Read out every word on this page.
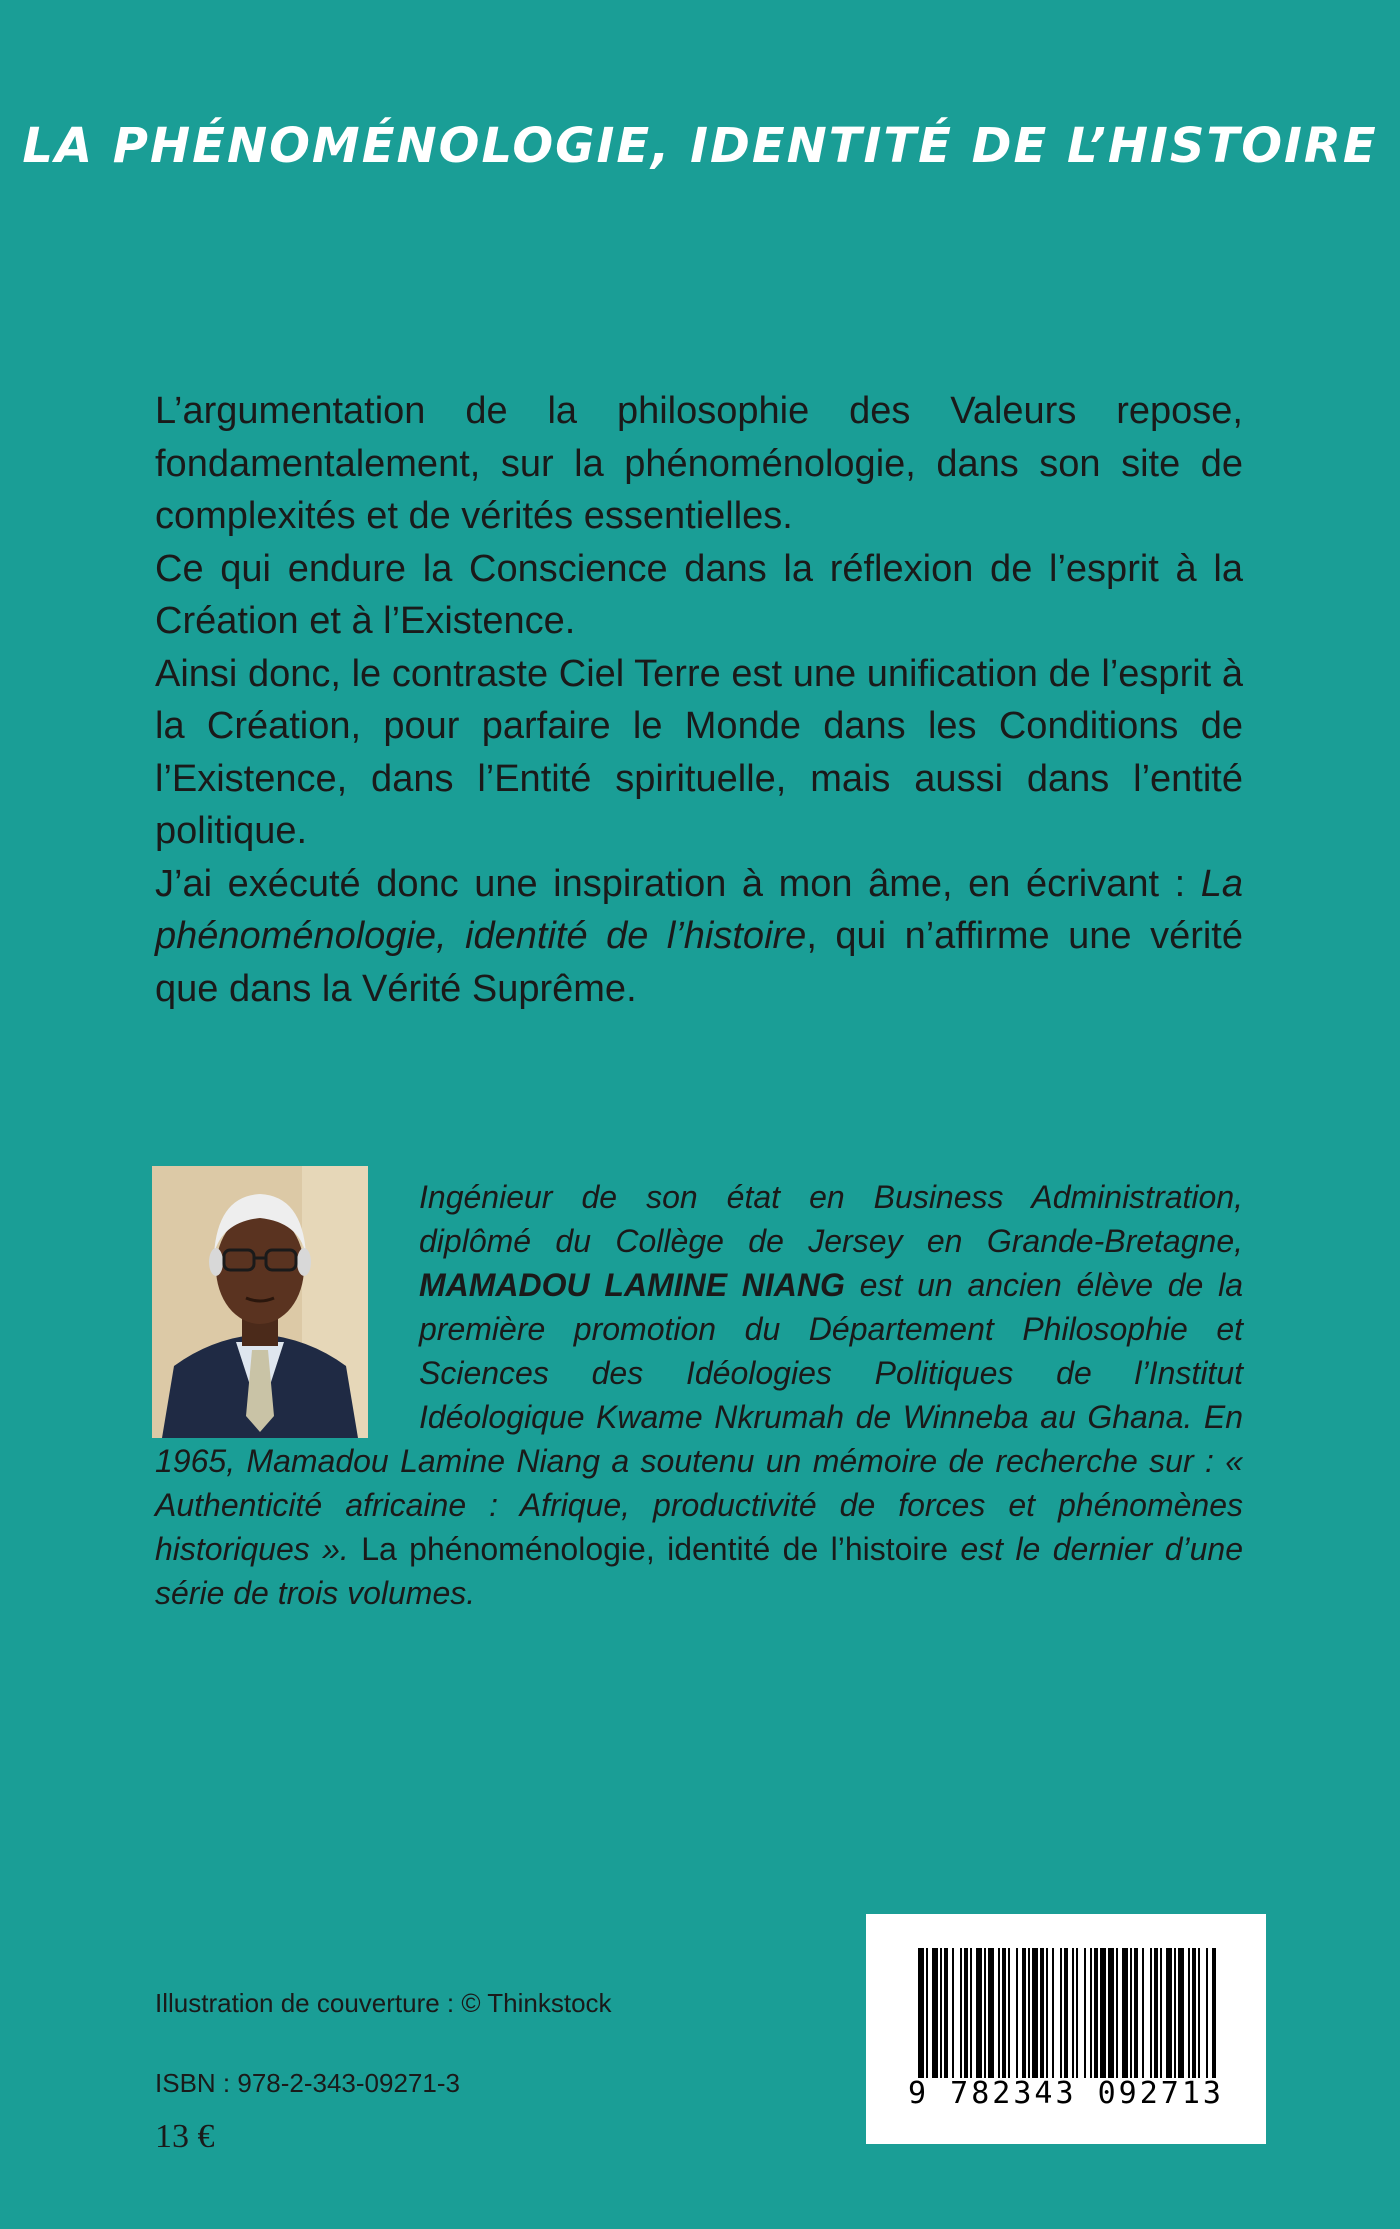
LA PHÉNOMÉNOLOGIE, IDENTITÉ DE L’HISTOIRE

L’argumentation de la philosophie des Valeurs repose, fondamentalement, sur la phénoménologie, dans son site de complexités et de vérités essentielles.

Ce qui endure la Conscience dans la réflexion de l’esprit à la Création et à l’Existence.

Ainsi donc, le contraste Ciel Terre est une unification de l’esprit à la Création, pour parfaire le Monde dans les Conditions de l’Existence, dans l’Entité spirituelle, mais aussi dans l’entité politique.

J’ai exécuté donc une inspiration à mon âme, en écrivant : La phénoménologie, identité de l’histoire, qui n’affirme une vérité que dans la Vérité Suprême.

Ingénieur de son état en Business Administration, diplômé du Collège de Jersey en Grande-Bretagne, MAMADOU LAMINE NIANG est un ancien élève de la première promotion du Département Philosophie et Sciences des Idéologies Politiques de l’Institut Idéologique Kwame Nkrumah de Winneba au Ghana. En 1965, Mamadou Lamine Niang a soutenu un mémoire de recherche sur : « Authenticité africaine : Afrique, productivité de forces et phénomènes historiques ». La phénoménologie, identité de l’histoire est le dernier d’une série de trois volumes.
Illustration de couverture : © Thinkstock
ISBN : 978-2-343-09271-3
13 €
9 782343 092713
